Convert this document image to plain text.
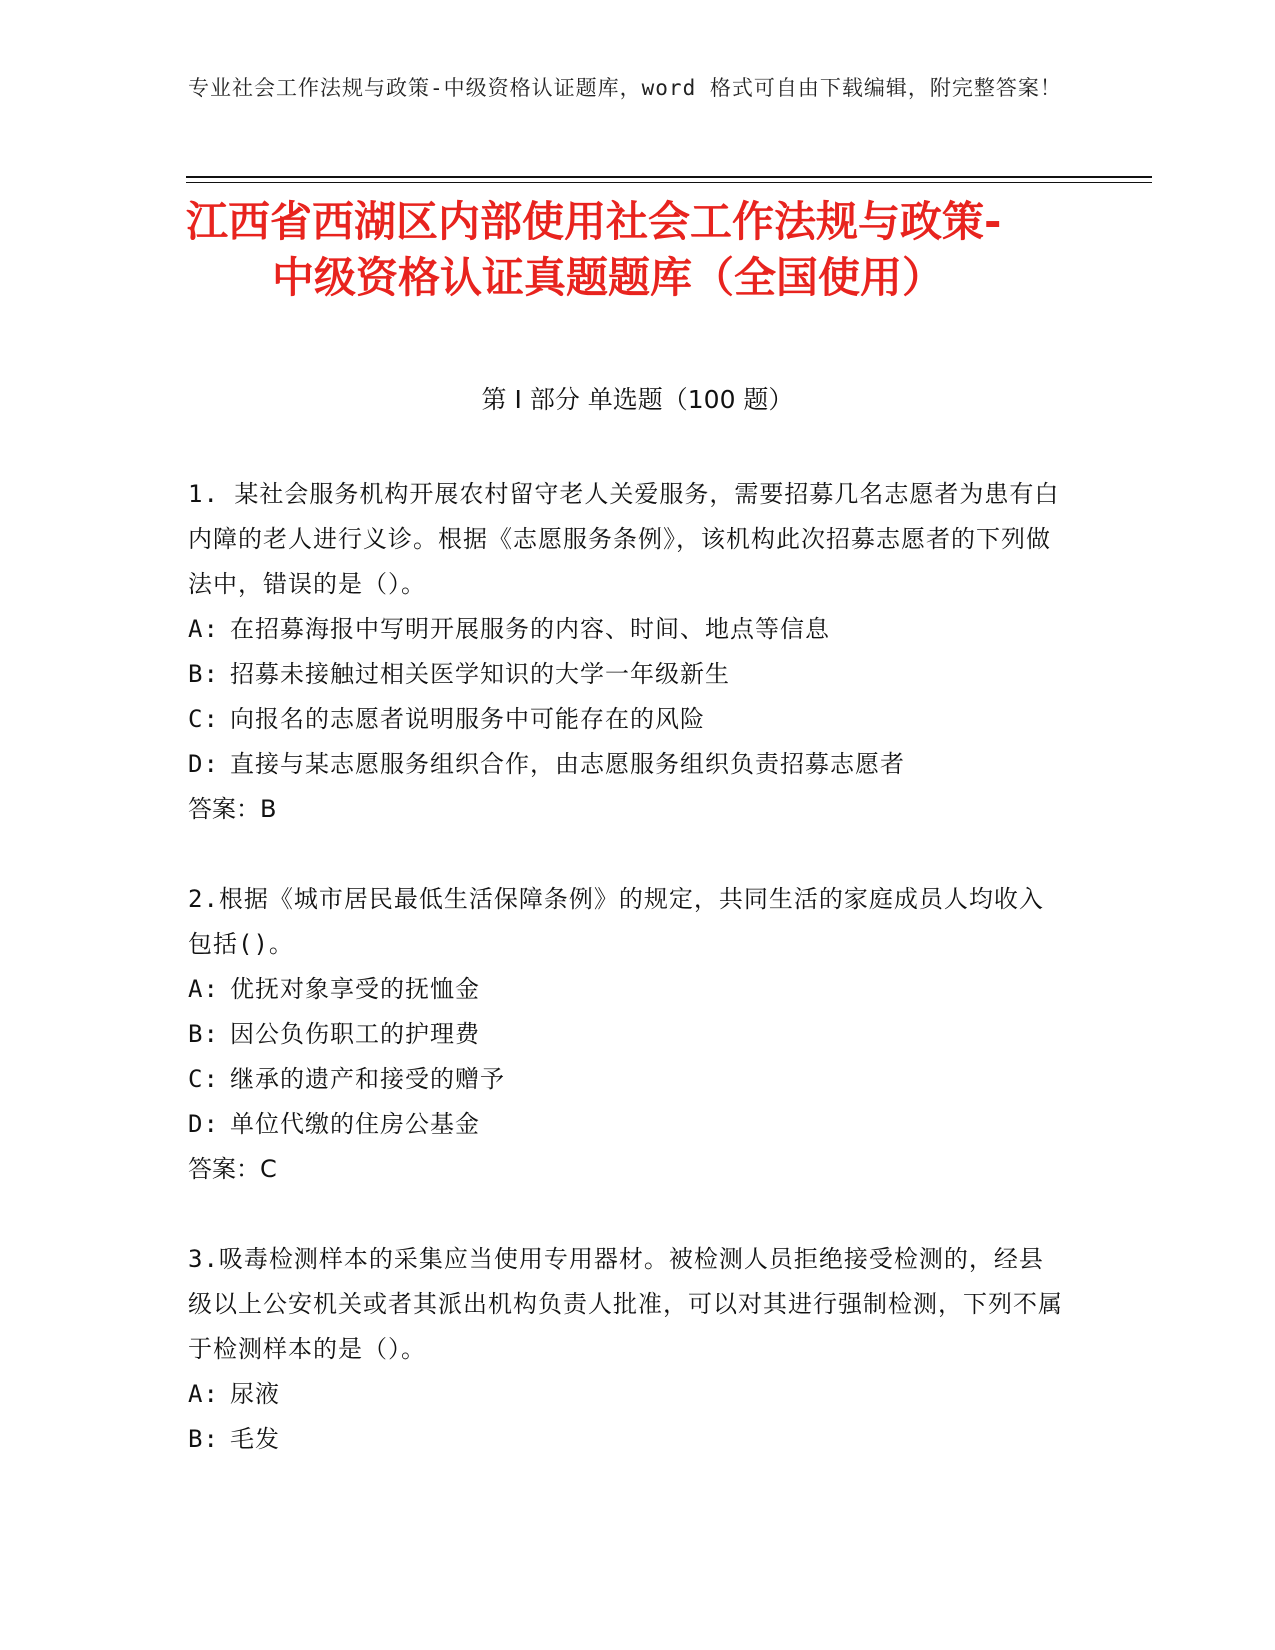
专业社会工作法规与政策-中级资格认证题库，word 格式可自由下载编辑，附完整答案！
江西省西湖区内部使用社会工作法规与政策-
中级资格认证真题题库（全国使用）
第 I 部分 单选题（100 题）
1. 某社会服务机构开展农村留守老人关爱服务，需要招募几名志愿者为患有白内障的老人进行义诊。根据《志愿服务条例》，该机构此次招募志愿者的下列做法中，错误的是（）。
A: 在招募海报中写明开展服务的内容、时间、地点等信息
B: 招募未接触过相关医学知识的大学一年级新生
C: 向报名的志愿者说明服务中可能存在的风险
D: 直接与某志愿服务组织合作，由志愿服务组织负责招募志愿者
答案：B
2.根据《城市居民最低生活保障条例》的规定，共同生活的家庭成员人均收入包括()。
A: 优抚对象享受的抚恤金
B: 因公负伤职工的护理费
C: 继承的遗产和接受的赠予
D: 单位代缴的住房公基金
答案：C
3.吸毒检测样本的采集应当使用专用器材。被检测人员拒绝接受检测的，经县级以上公安机关或者其派出机构负责人批准，可以对其进行强制检测，下列不属于检测样本的是（）。
A: 尿液
B: 毛发
